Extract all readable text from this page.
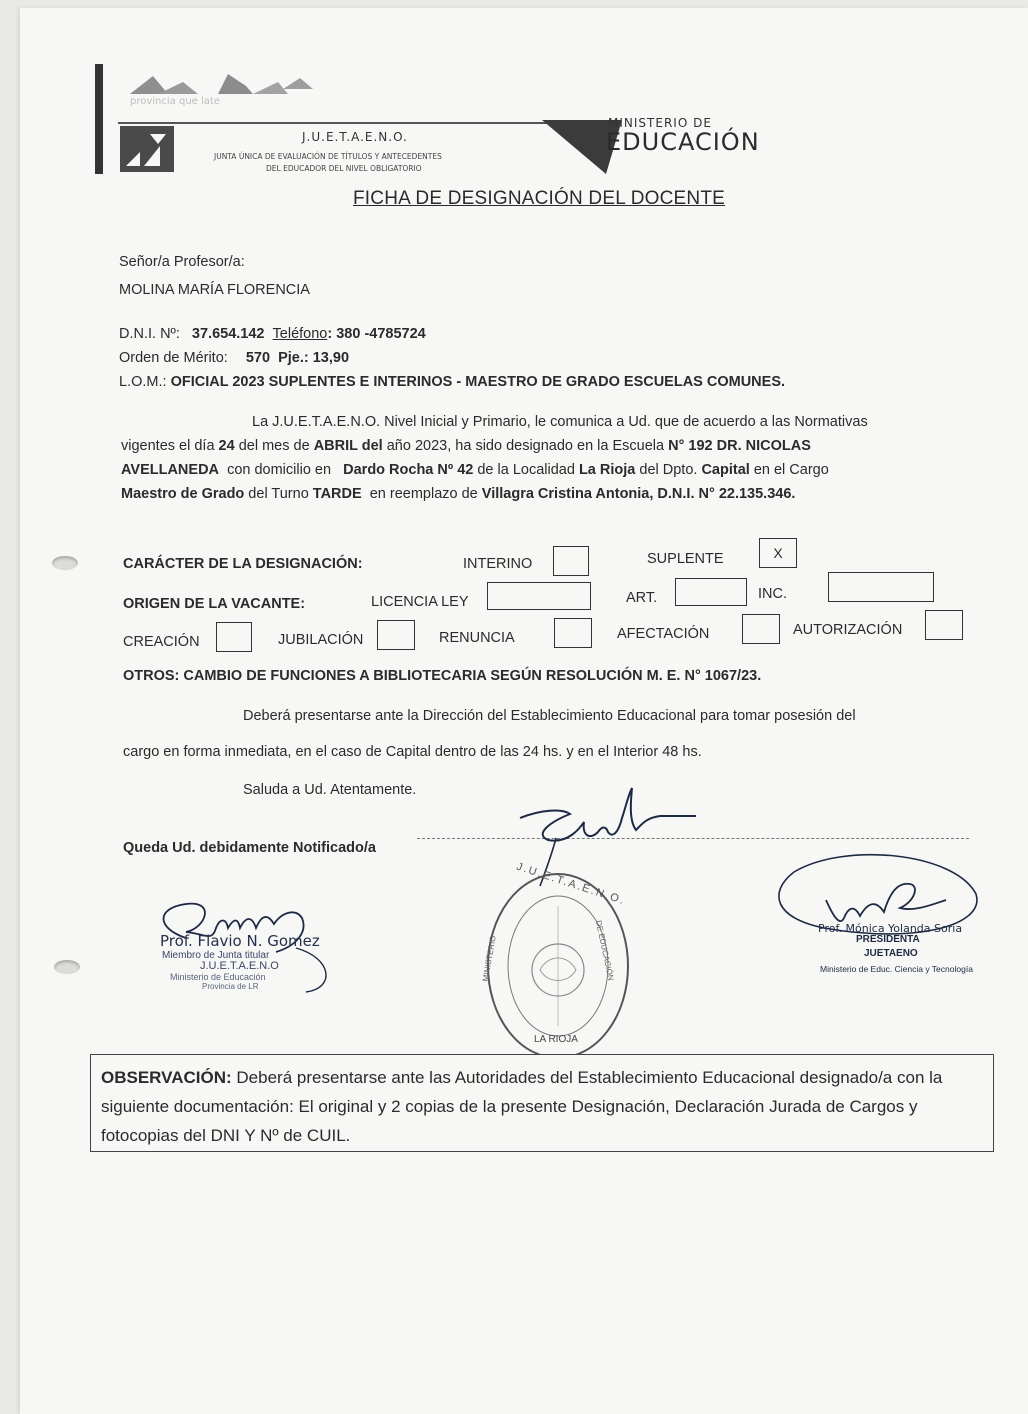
provincia que late
J.U.E.T.A.E.N.O.
JUNTA ÚNICA DE EVALUACIÓN DE TÍTULOS Y ANTECEDENTES
DEL EDUCADOR DEL NIVEL OBLIGATORIO
MINISTERIO DE
EDUCACIÓN
FICHA DE DESIGNACIÓN DEL DOCENTE
Señor/a Profesor/a:
MOLINA MARÍA FLORENCIA
D.N.I. Nº: 37.654.142 Teléfono: 380 -4785724
Orden de Mérito: 570 Pje.: 13,90
L.O.M.: OFICIAL 2023 SUPLENTES E INTERINOS - MAESTRO DE GRADO ESCUELAS COMUNES.
La J.U.E.T.A.E.N.O. Nivel Inicial y Primario, le comunica a Ud. que de acuerdo a las Normativas
vigentes el día 24 del mes de ABRIL del año 2023, ha sido designado en la Escuela N° 192 DR. NICOLAS
AVELLANEDA  con domicilio en   Dardo Rocha Nº 42 de la Localidad La Rioja del Dpto. Capital en el Cargo
Maestro de Grado del Turno TARDE  en reemplazo de Villagra Cristina Antonia, D.N.I. N° 22.135.346.
CARÁCTER DE LA DESIGNACIÓN:	INTERINO	SUPLENTE	X
ORIGEN DE LA VACANTE:	LICENCIA LEY	ART.	INC.
CREACIÓN	JUBILACIÓN	RENUNCIA	AFECTACIÓN	AUTORIZACIÓN
OTROS: CAMBIO DE FUNCIONES A BIBLIOTECARIA SEGÚN RESOLUCIÓN M. E. N° 1067/23.
Deberá presentarse ante la Dirección del Establecimiento Educacional para tomar posesión del
cargo en forma inmediata, en el caso de Capital dentro de las 24 hs. y en el Interior 48 hs.
Saluda a Ud. Atentamente.
Queda Ud. debidamente Notificado/a
Prof. Flavio N. Gomez
Miembro de Junta titular
J.U.E.T.A.E.N.O
Ministerio de Educación
Provincia de LR
J.U.E.T.A.E.N.O.
MINISTERIO	DE EDUCACIÓN
LA RIOJA
Prof. Mónica Yolanda Soria
PRESIDENTA
JUETAENO
Ministerio de Educ. Ciencia y Tecnología
OBSERVACIÓN: Deberá presentarse ante las Autoridades del Establecimiento Educacional designado/a con la siguiente documentación: El original y 2 copias de la presente Designación, Declaración Jurada de Cargos y fotocopias del DNI Y Nº de CUIL.
